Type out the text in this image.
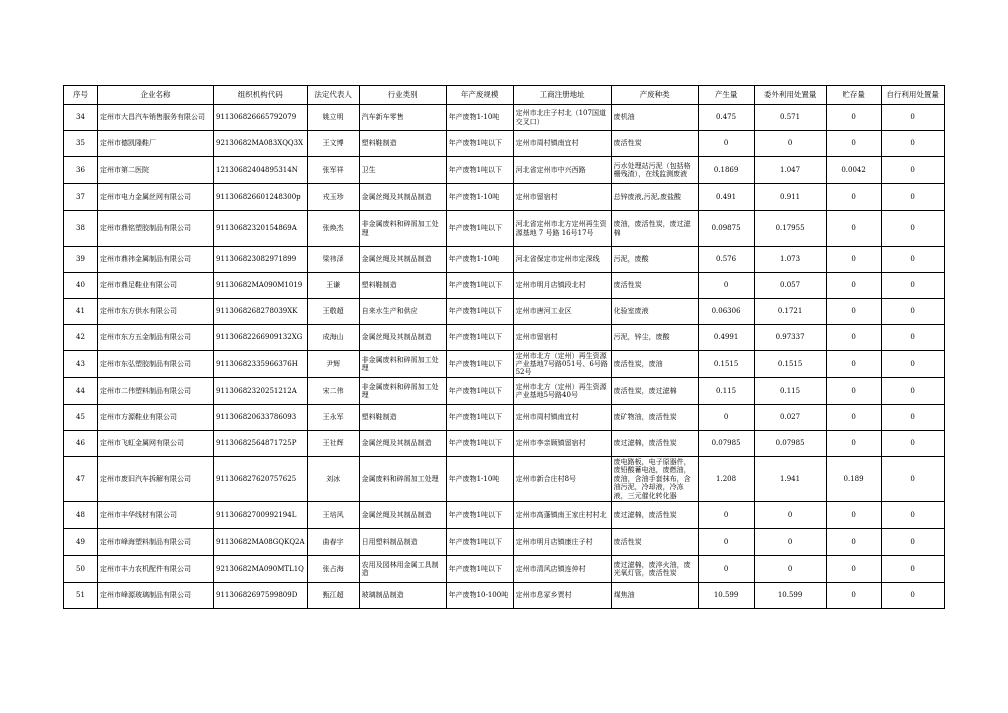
序号	企业名称	组织机构代码	法定代表人	行业类别	年产废规模	工商注册地址	产废种类	产生量	委外利用处置量	贮存量	自行利用处置量

34	定州市大昌汽车销售服务有限公司	911306826665792079	姚立明	汽车新车零售	年产废物1-10吨	定州市北庄子村北（107国道交叉口）	废机油	0.475	0.571	0	0

35	定州市德凯隆鞋厂	92130682MA083XQQ3X	王文博	塑料鞋制造	年产废物1吨以下	定州市周村镇南宜村	废活性炭	0	0	0	0

36	定州市第二医院	12130682404895314N	张军祥	卫生	年产废物1吨以下	河北省定州市中兴西路	污水处理站污泥（包括格栅残渣），在线监测废液	0.1869	1.047	0.0042	0

37	定州市电力金属丝网有限公司	911306826601248300p	戎玉珍	金属丝绳及其制品制造	年产废物1-10吨	定州市留宿村	总锌废液,污泥,废盐酸	0.491	0.911	0	0

38	定州市鼎铭塑胶制品有限公司	911306823201548​69A	张焕杰	非金属废料和碎屑加工处理	年产废物1吨以下	河北省定州市北方定州再生资源基地 7 号路 16号17号	废油，废活性炭，废过滤棉	0.09875	0.17955	0	0

39	定州市鼎祎金属制品有限公司	911306823082971899	梁祎泽	金属丝绳及其制品制造	年产废物1-10吨	河北省保定市定州市定深线	污泥，废酸	0.576	1.073	0	0

40	定州市鼎足鞋业有限公司	91130682MA090M1019	王谦	塑料鞋制造	年产废物1吨以下	定州市明月店镇段北村	废活性炭	0	0.057	0	0

41	定州市东方供水有限公司	911306826827​8039XK	王敬超	自来水生产和供应	年产废物1吨以下	定州市唐河工业区	化验室废液	0.06306	0.1721	0	0

42	定州市东方五金制品有限公司	911306822669​09132XG	成海山	金属丝绳及其制品制造	年产废物1吨以下	定州市留宿村	污泥，锌尘，废酸	0.4991	0.97337	0	0

43	定州市东弘塑胶制品有限公司	9113068233596637​6H	尹辉	非金属废料和碎屑加工处理	年产废物1吨以下	定州市北方（定州）再生资源产业基地7号路051号、6号路52号	废活性炭，废油	0.1515	0.1515	0	0

44	定州市二伟塑料制品有限公司	911306823202​51212A	宋二伟	非金属废料和碎屑加工处理	年产废物1吨以下	定州市北方（定州）再生资源产业基地5号路40号	废活性炭，废过滤棉	0.115	0.115	0	0

45	定州市方源鞋业有限公司	911306820633786093	王永军	塑料鞋制造	年产废物1吨以下	定州市周村镇南宜村	废矿物油，废活性炭	0	0.027	0	0

46	定州市飞虹金属网有限公司	911306825648717​25P	王社辉	金属丝绳及其制品制造	年产废物1吨以下	定州市李亲顾镇留宿村	废过滤棉，废活性炭	0.07985	0.07985	0	0

47	定州市废旧汽车拆解有限公司	911306827620757625	刘冰	金属废料和碎屑加工处理	年产废物1-10吨	定州市新合庄村8号	废电路板，电子原器件，废铅酸蓄电池，废燃油，废油，含油手套抹布，含油污泥，冷却液，冷冻液，三元催化转化器	1.208	1.941	0.189	0

48	定州市丰华线材有限公司	911306827009921​94L	王培风	金属丝绳及其制品制造	年产废物1吨以下	定州市高蓬镇南王家庄村村北	废过滤棉，废活性炭	0	0	0	0

49	定州市峰海塑料制品有限公司	91130682MA08GQKQ2A	曲春宇	日用塑料制品制造	年产废物1吨以下	定州市明月店镇康庄子村	废活性炭	0	0	0	0

50	定州市丰力农机配件有限公司	92130682MA090MTL1Q	张占海	农用及园林用金属工具制造	年产废物1吨以下	定州市清风店镇连仲村	废过滤棉，废淬火油，废光氧灯管，废活性炭	0	0	0	0

51	定州市峰源玻璃制品有限公司	911306826975998​09D	甄江超	玻璃制品制造	年产废物10-100吨	定州市息冢乡贾村	煤焦油	10.599	10.599	0	0
